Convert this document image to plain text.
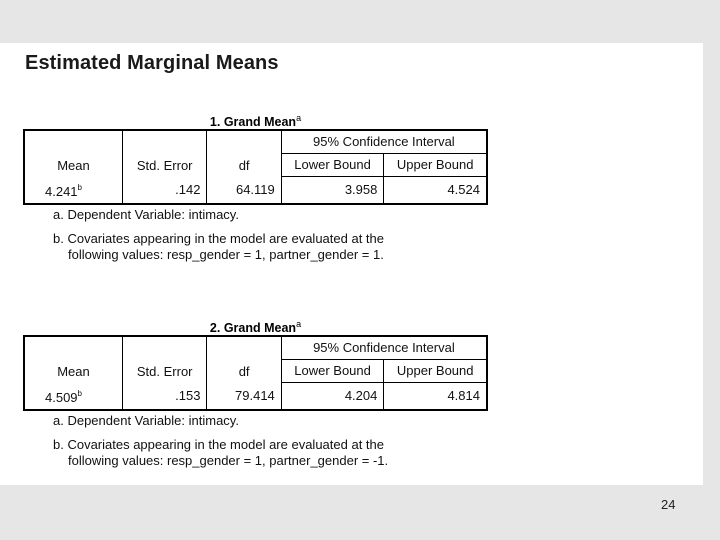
Estimated Marginal Means
1. Grand Mean$^a$
Mean	Std. Error	df	95% Confidence Interval	
			Lower Bound	Upper Bound
4.241$^b$	.142	64.119	3.958	4.524
a. Dependent Variable: intimacy.
b. Covariates appearing in the model are evaluated at the
following values: resp_gender = 1, partner_gender = 1.
2. Grand Mean$^a$
Mean	Std. Error	df	95% Confidence Interval	
			Lower Bound	Upper Bound
4.509$^b$	.153	79.414	4.204	4.814
a. Dependent Variable: intimacy.
b. Covariates appearing in the model are evaluated at the
following values: resp_gender = 1, partner_gender = -1.
24
